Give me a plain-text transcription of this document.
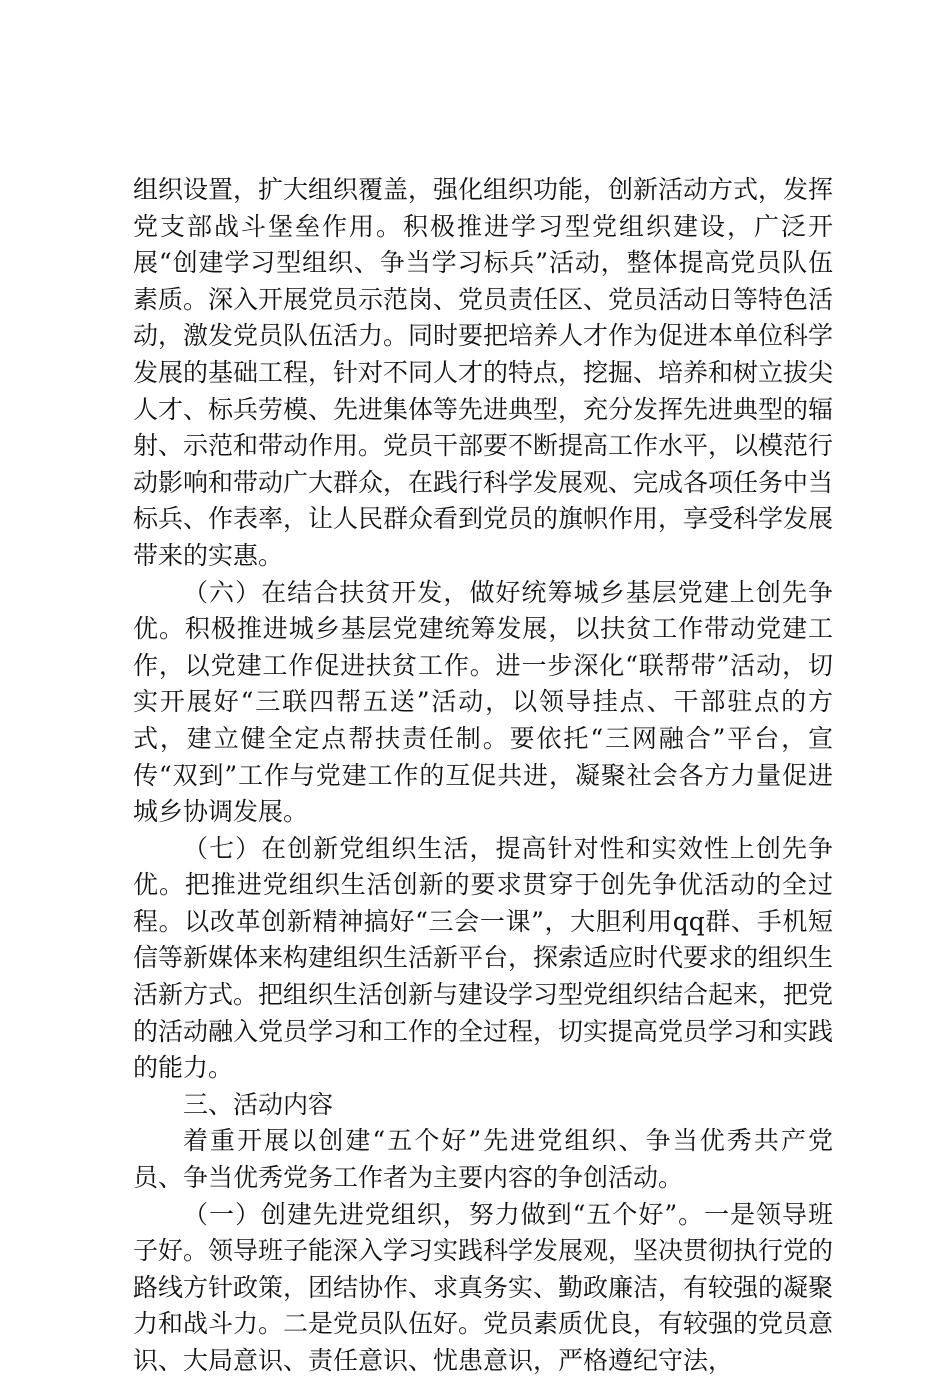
组织设置，扩大组织覆盖，强化组织功能，创新活动方式，发挥党支部战斗堡垒作用。积极推进学习型党组织建设，广泛开展“创建学习型组织、争当学习标兵”活动，整体提高党员队伍素质。深入开展党员示范岗、党员责任区、党员活动日等特色活动，激发党员队伍活力。同时要把培养人才作为促进本单位科学发展的基础工程，针对不同人才的特点，挖掘、培养和树立拔尖人才、标兵劳模、先进集体等先进典型，充分发挥先进典型的辐射、示范和带动作用。党员干部要不断提高工作水平，以模范行动影响和带动广大群众，在践行科学发展观、完成各项任务中当标兵、作表率，让人民群众看到党员的旗帜作用，享受科学发展带来的实惠。

（六）在结合扶贫开发，做好统筹城乡基层党建上创先争优。积极推进城乡基层党建统筹发展，以扶贫工作带动党建工作，以党建工作促进扶贫工作。进一步深化“联帮带”活动，切实开展好“三联四帮五送”活动，以领导挂点、干部驻点的方式，建立健全定点帮扶责任制。要依托“三网融合”平台，宣传“双到”工作与党建工作的互促共进，凝聚社会各方力量促进城乡协调发展。

（七）在创新党组织生活，提高针对性和实效性上创先争优。把推进党组织生活创新的要求贯穿于创先争优活动的全过程。以改革创新精神搞好“三会一课”，大胆利用qq群、手机短信等新媒体来构建组织生活新平台，探索适应时代要求的组织生活新方式。把组织生活创新与建设学习型党组织结合起来，把党的活动融入党员学习和工作的全过程，切实提高党员学习和实践的能力。

三、活动内容

着重开展以创建“五个好”先进党组织、争当优秀共产党员、争当优秀党务工作者为主要内容的争创活动。

（一）创建先进党组织，努力做到“五个好”。一是领导班子好。领导班子能深入学习实践科学发展观，坚决贯彻执行党的路线方针政策，团结协作、求真务实、勤政廉洁，有较强的凝聚力和战斗力。二是党员队伍好。党员素质优良，有较强的党员意识、大局意识、责任意识、忧患意识，严格遵纪守法，
